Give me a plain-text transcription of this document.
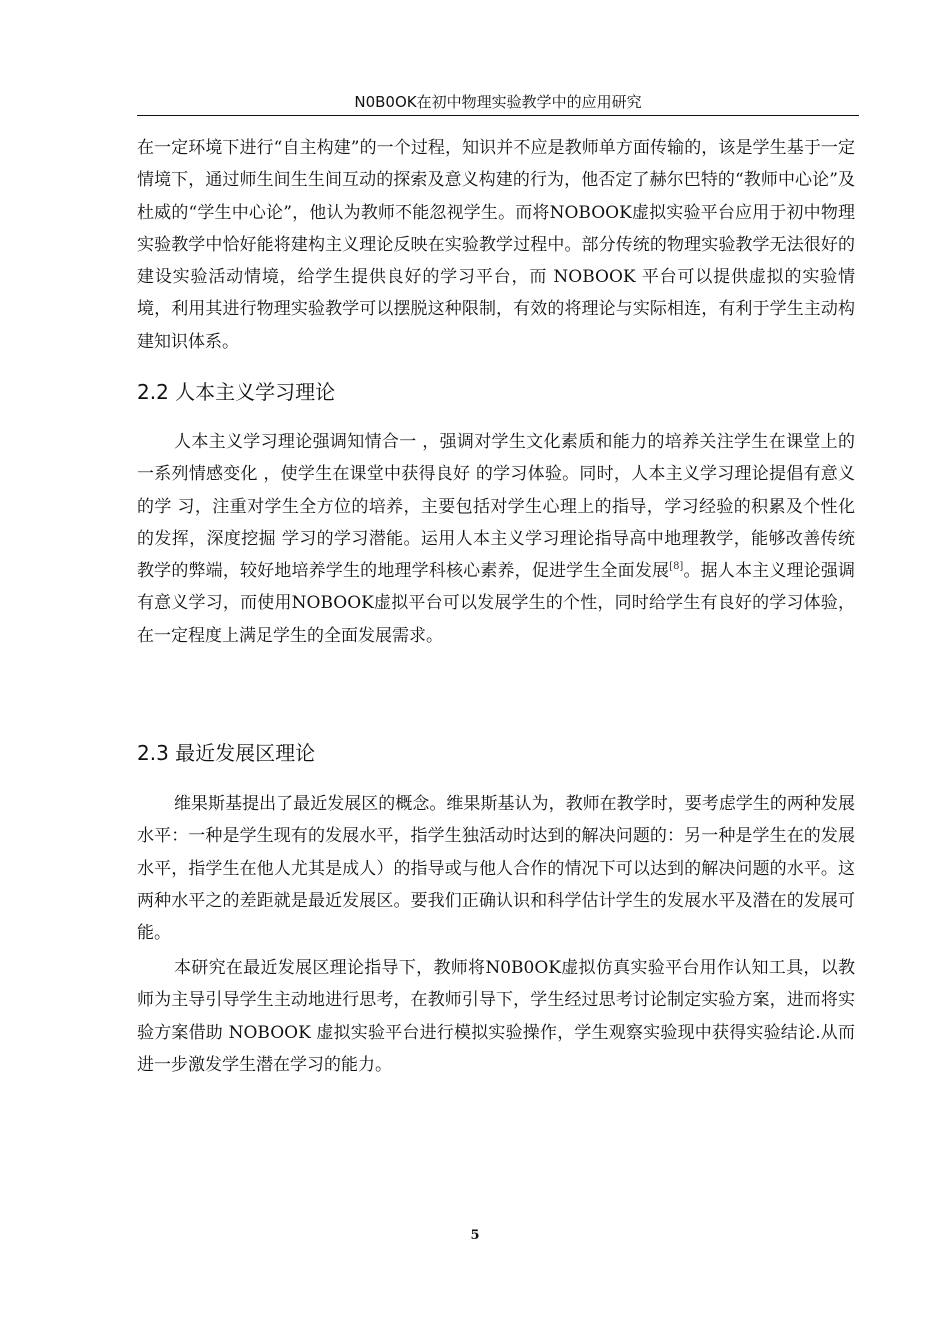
N0B0OK在初中物理实验教学中的应用研究

在一定环境下进行“自主构建”的一个过程，知识并不应是教师单方面传输的，该是学生基于一定情境下，通过师生间生生间互动的探索及意义构建的行为，他否定了赫尔巴特的“教师中心论”及杜威的“学生中心论”，他认为教师不能忽视学生。而将NOBOOK虚拟实验平台应用于初中物理实验教学中恰好能将建构主义理论反映在实验教学过程中。部分传统的物理实验教学无法很好的建设实验活动情境，给学生提供良好的学习平台，而 NOBOOK 平台可以提供虚拟的实验情境，利用其进行物理实验教学可以摆脱这种限制，有效的将理论与实际相连，有利于学生主动构建知识体系。

2.2 人本主义学习理论

人本主义学习理论强调知情合一 ，强调对学生文化素质和能力的培养关注学生在课堂上的一系列情感变化 ，使学生在课堂中获得良好 的学习体验。同时，人本主义学习理论提倡有意义的学 习，注重对学生全方位的培养，主要包括对学生心理上的指导，学习经验的积累及个性化的发挥，深度挖掘 学习的学习潜能。运用人本主义学习理论指导高中地理教学，能够改善传统教学的弊端，较好地培养学生的地理学科核心素养，促进学生全面发展[8]。据人本主义理论强调有意义学习，而使用NOBOOK虚拟平台可以发展学生的个性，同时给学生有良好的学习体验，在一定程度上满足学生的全面发展需求。

2.3 最近发展区理论

维果斯基提出了最近发展区的概念。维果斯基认为，教师在教学时，要考虑学生的两种发展水平：一种是学生现有的发展水平，指学生独活动时达到的解决问题的：另一种是学生在的发展水平，指学生在他人尤其是成人）的指导或与他人合作的情况下可以达到的解决问题的水平。这两种水平之的差距就是最近发展区。要我们正确认识和科学估计学生的发展水平及潜在的发展可能。

本研究在最近发展区理论指导下，教师将N0B0OK虚拟仿真实验平台用作认知工具，以教师为主导引导学生主动地进行思考，在教师引导下，学生经过思考讨论制定实验方案，进而将实验方案借助 NOBOOK 虚拟实验平台进行模拟实验操作，学生观察实验现中获得实验结论.从而进一步激发学生潜在学习的能力。

5
